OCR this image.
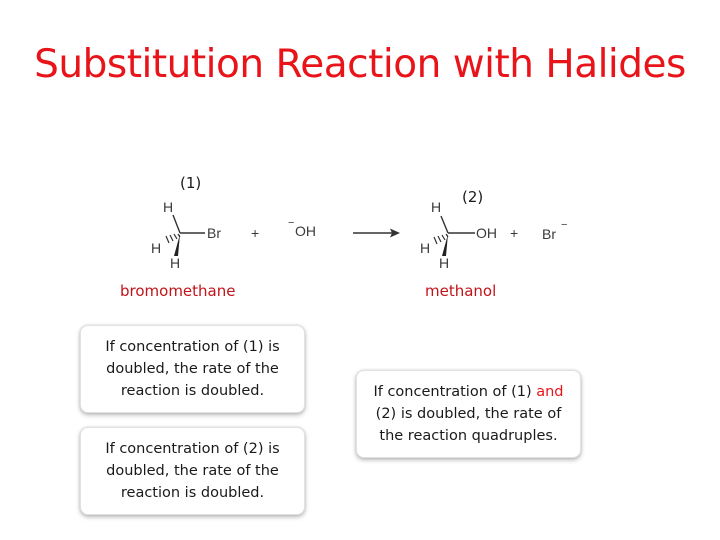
Substitution Reaction with Halides
(1)
(2)
H
H
H
Br +
− OH
H
H
H
OH + Br
−
bromomethane	methanol
If concentration of (1) is doubled, the rate of the reaction is doubled.
If concentration of (2) is doubled, the rate of the reaction is doubled.
If concentration of (1) and (2) is doubled, the rate of the reaction quadruples.
